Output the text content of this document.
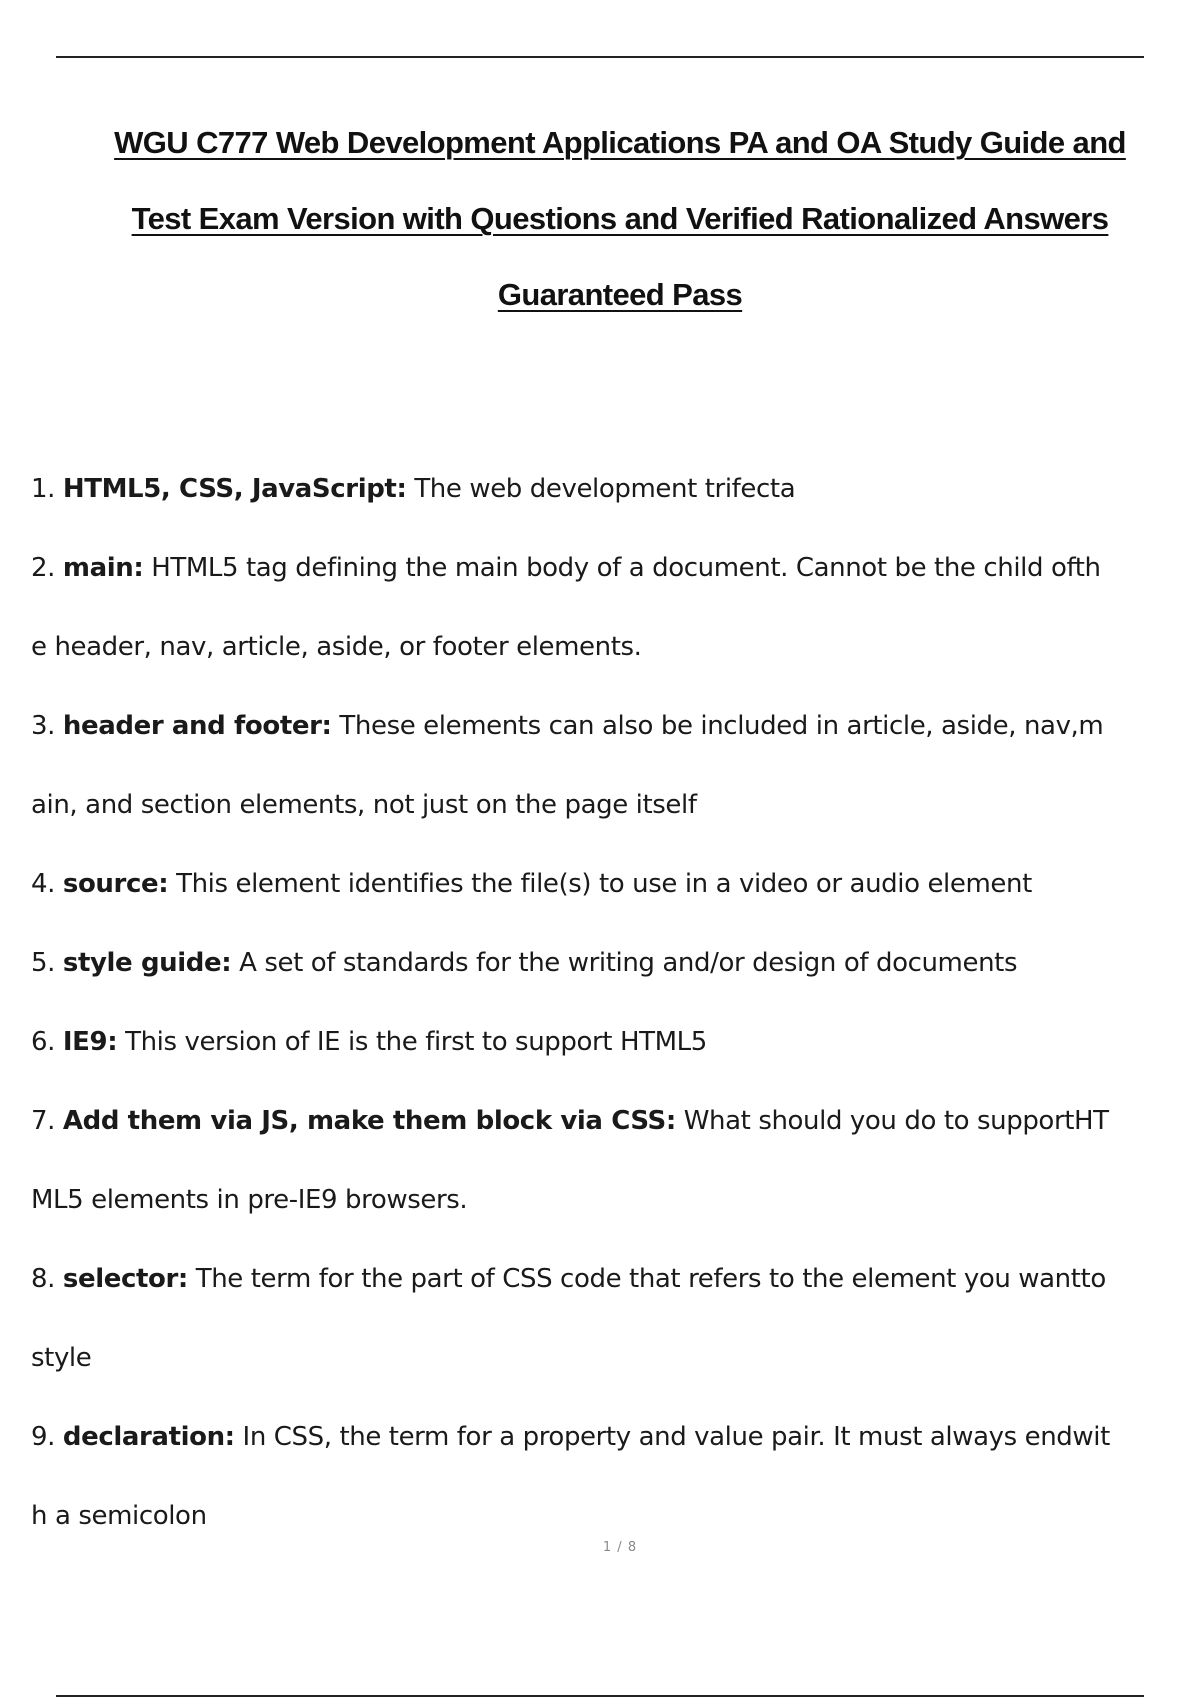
WGU C777 Web Development Applications PA and OA Study Guide and
Test Exam Version with Questions and Verified Rationalized Answers
Guaranteed Pass
1. HTML5, CSS, JavaScript: The web development trifecta
2. main: HTML5 tag defining the main body of a document. Cannot be the child ofth
e header, nav, article, aside, or footer elements.
3. header and footer: These elements can also be included in article, aside, nav,m
ain, and section elements, not just on the page itself
4. source: This element identifies the file(s) to use in a video or audio element
5. style guide: A set of standards for the writing and/or design of documents
6. IE9: This version of IE is the first to support HTML5
7. Add them via JS, make them block via CSS: What should you do to supportHT
ML5 elements in pre-IE9 browsers.
8. selector: The term for the part of CSS code that refers to the element you wantto
style
9. declaration: In CSS, the term for a property and value pair. It must always endwit
h a semicolon
1 / 8
